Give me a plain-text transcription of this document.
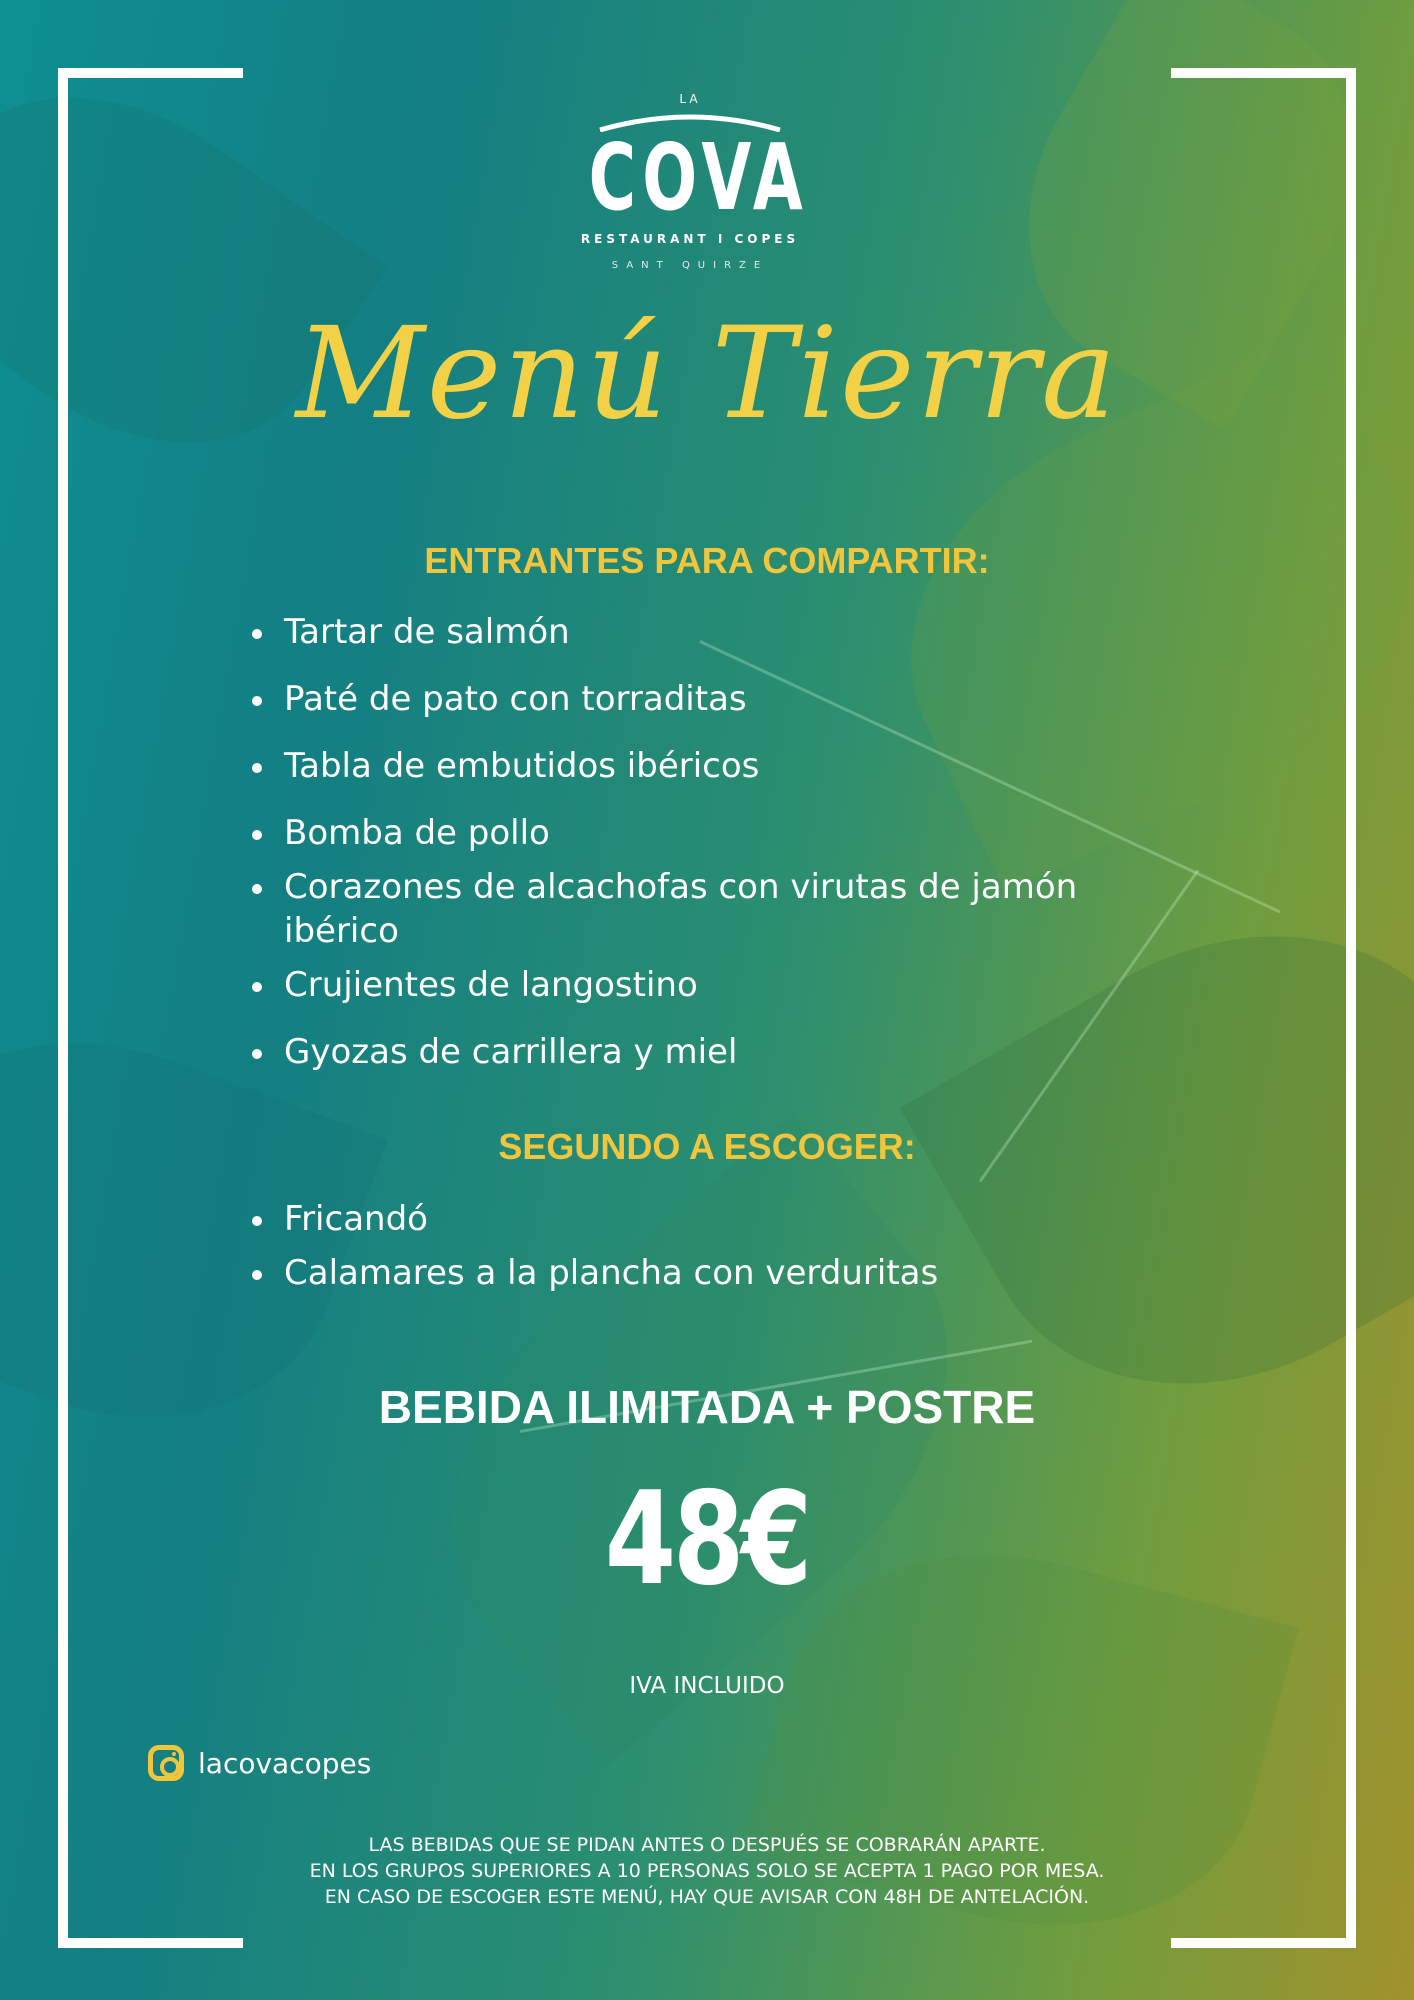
LA
COVA
RESTAURANT I COPES
SANT QUIRZE
Menú Tierra
ENTRANTES PARA COMPARTIR:
Tartar de salmón
Paté de pato con torraditas
Tabla de embutidos ibéricos
Bomba de pollo
Corazones de alcachofas con virutas de jamón ibérico
Crujientes de langostino
Gyozas de carrillera y miel
SEGUNDO A ESCOGER:
Fricandó
Calamares a la plancha con verduritas
BEBIDA ILIMITADA + POSTRE
48€
IVA INCLUIDO
lacovacopes
LAS BEBIDAS QUE SE PIDAN ANTES O DESPUÉS SE COBRARÁN APARTE.
EN LOS GRUPOS SUPERIORES A 10 PERSONAS SOLO SE ACEPTA 1 PAGO POR MESA.
EN CASO DE ESCOGER ESTE MENÚ, HAY QUE AVISAR CON 48H DE ANTELACIÓN.
